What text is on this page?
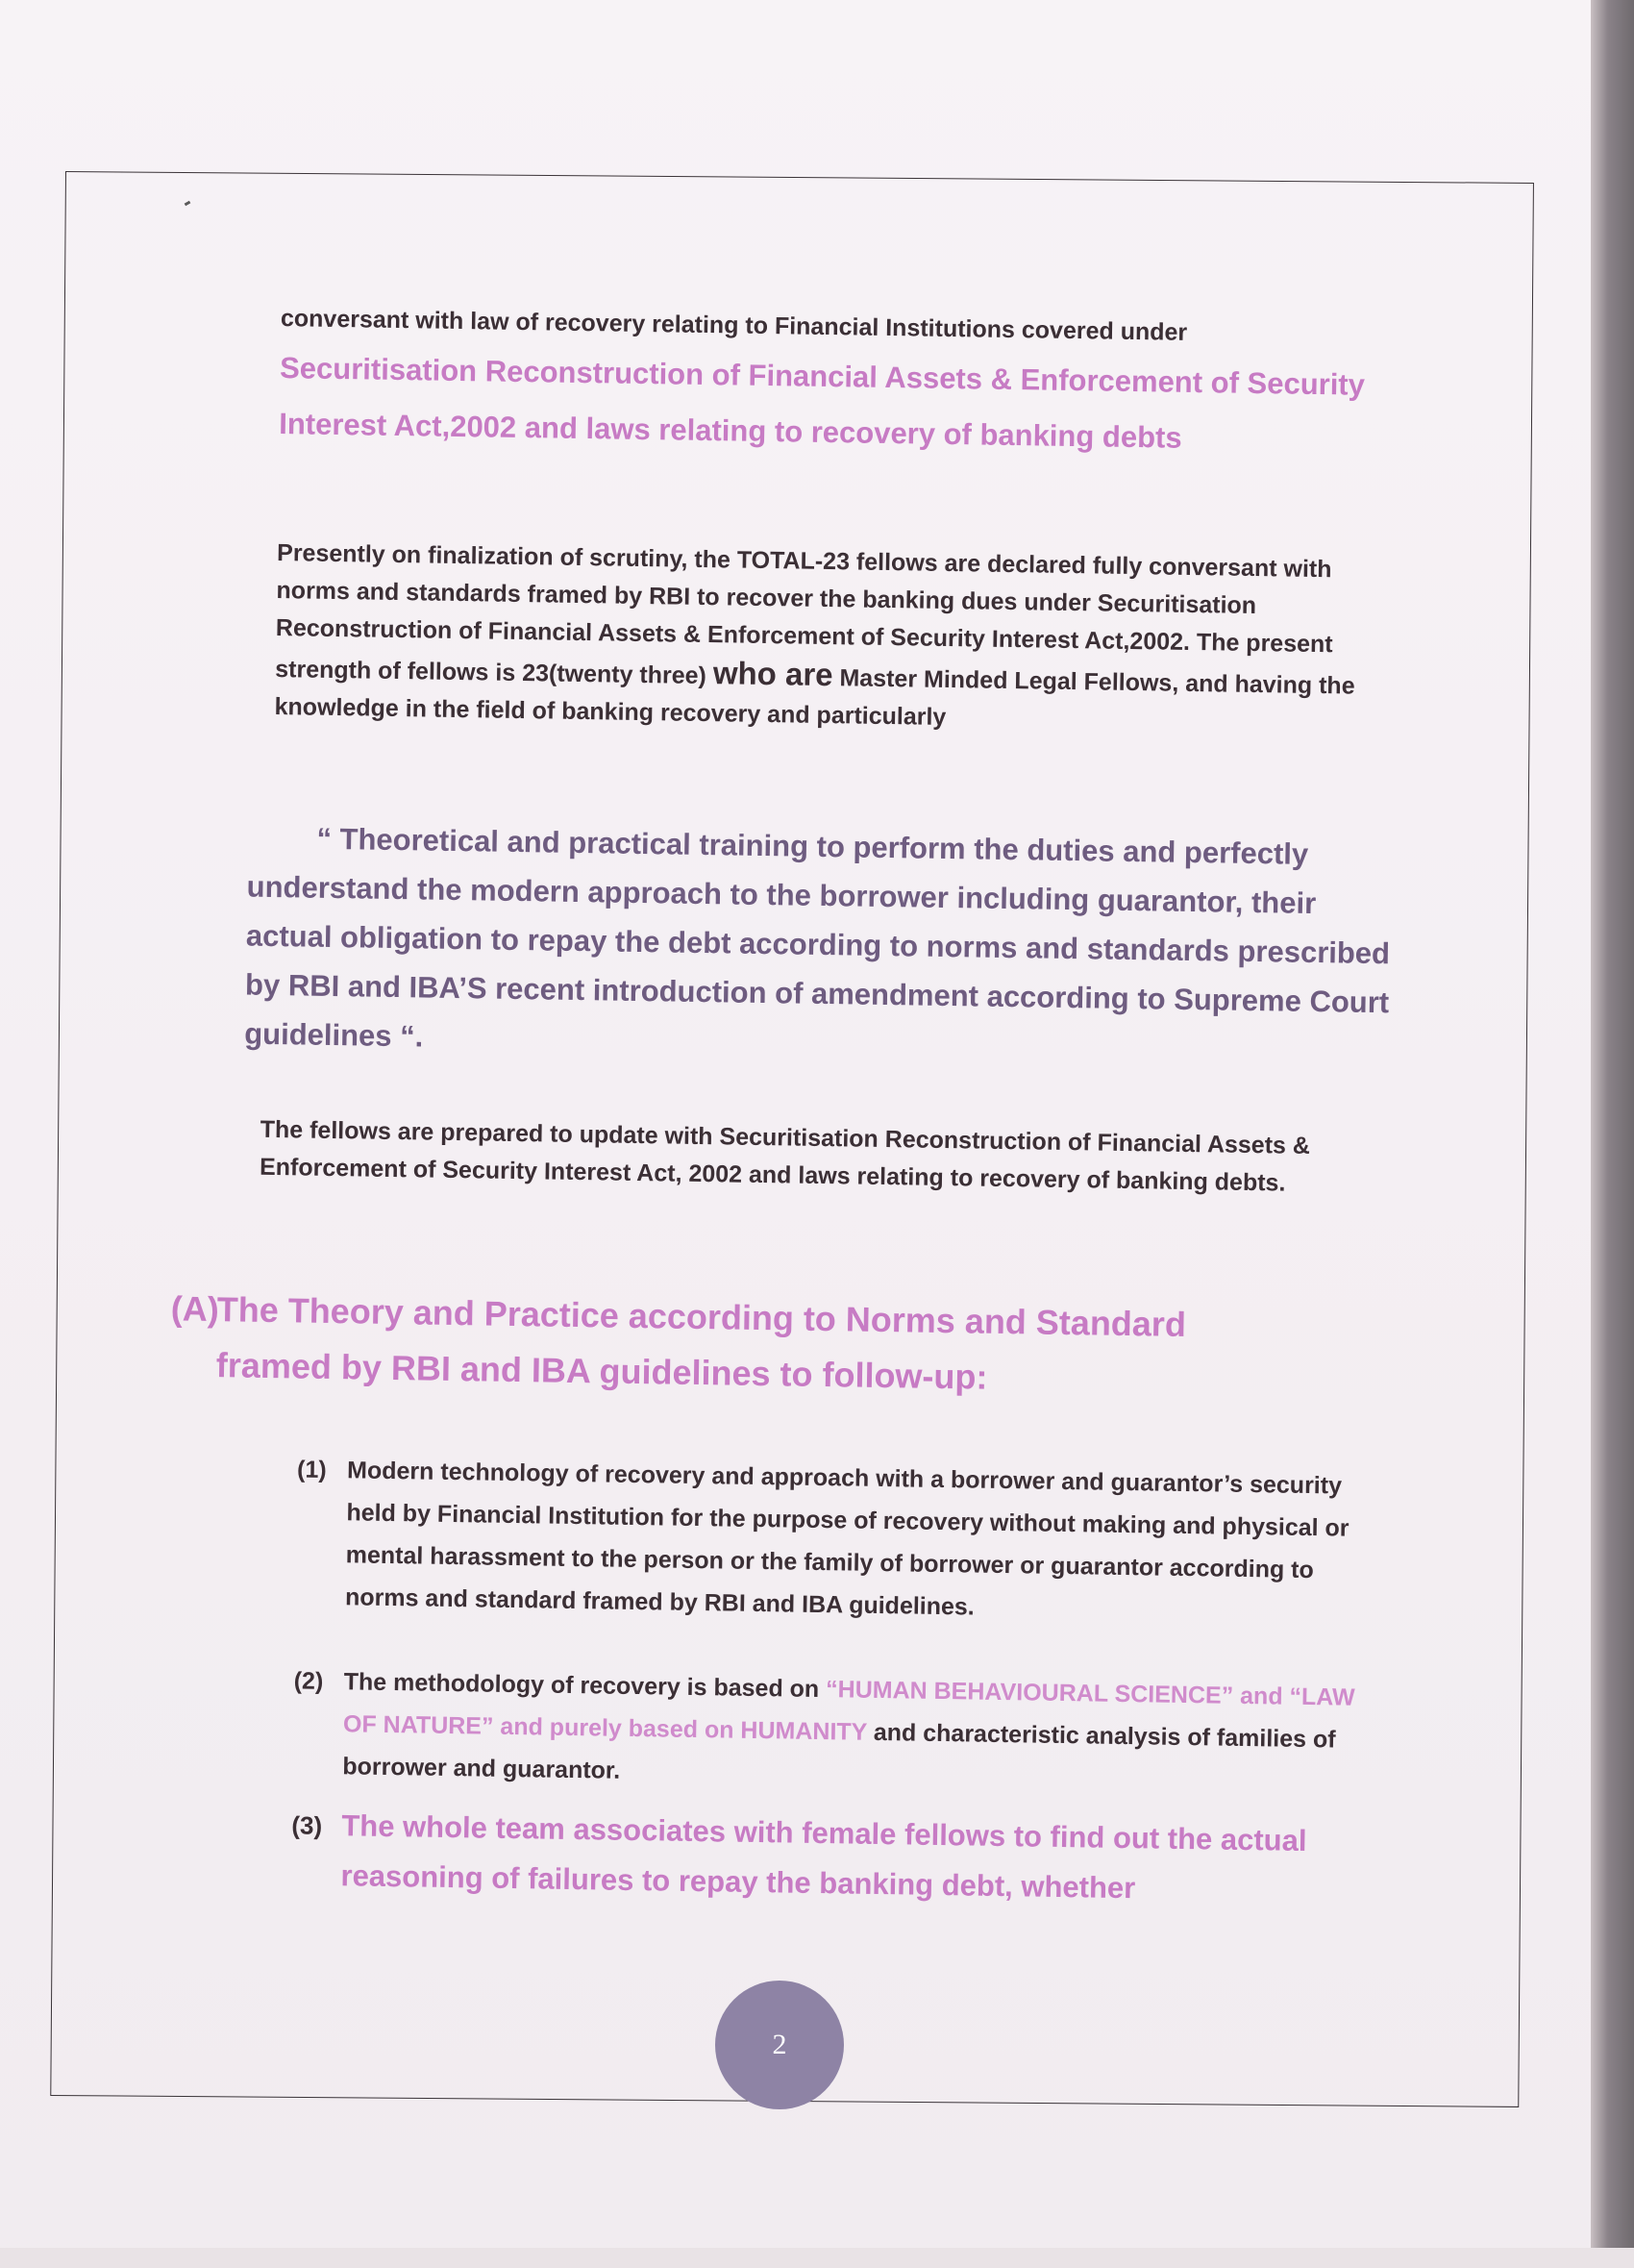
conversant with law of recovery relating to Financial Institutions covered under

Securitisation Reconstruction of Financial Assets & Enforcement of Security Interest Act,2002 and laws relating to recovery of banking debts

Presently on finalization of scrutiny, the TOTAL-23 fellows are declared fully conversant with norms and standards framed by RBI to recover the banking dues under Securitisation Reconstruction of Financial Assets & Enforcement of Security Interest Act,2002. The present strength of fellows is 23(twenty three) who are Master Minded Legal Fellows, and having the knowledge in the field of banking recovery and particularly

“ Theoretical and practical training to perform the duties and perfectly understand the modern approach to the borrower including guarantor, their actual obligation to repay the debt according to norms and standards prescribed by RBI and IBA’S recent introduction of amendment according to Supreme Court guidelines “.

The fellows are prepared to update with Securitisation Reconstruction of Financial Assets & Enforcement of Security Interest Act, 2002 and laws relating to recovery of banking debts.

(A)
The Theory and Practice according to Norms and Standard framed by RBI and IBA guidelines to follow-up:
(1) Modern technology of recovery and approach with a borrower and guarantor’s security held by Financial Institution for the purpose of recovery without making and physical or mental harassment to the person or the family of borrower or guarantor according to norms and standard framed by RBI and IBA guidelines.
(2) The methodology of recovery is based on “HUMAN BEHAVIOURAL SCIENCE” and “LAW OF NATURE” and purely based on HUMANITY and characteristic analysis of families of borrower and guarantor.
(3) The whole team associates with female fellows to find out the actual reasoning of failures to repay the banking debt, whether
2
